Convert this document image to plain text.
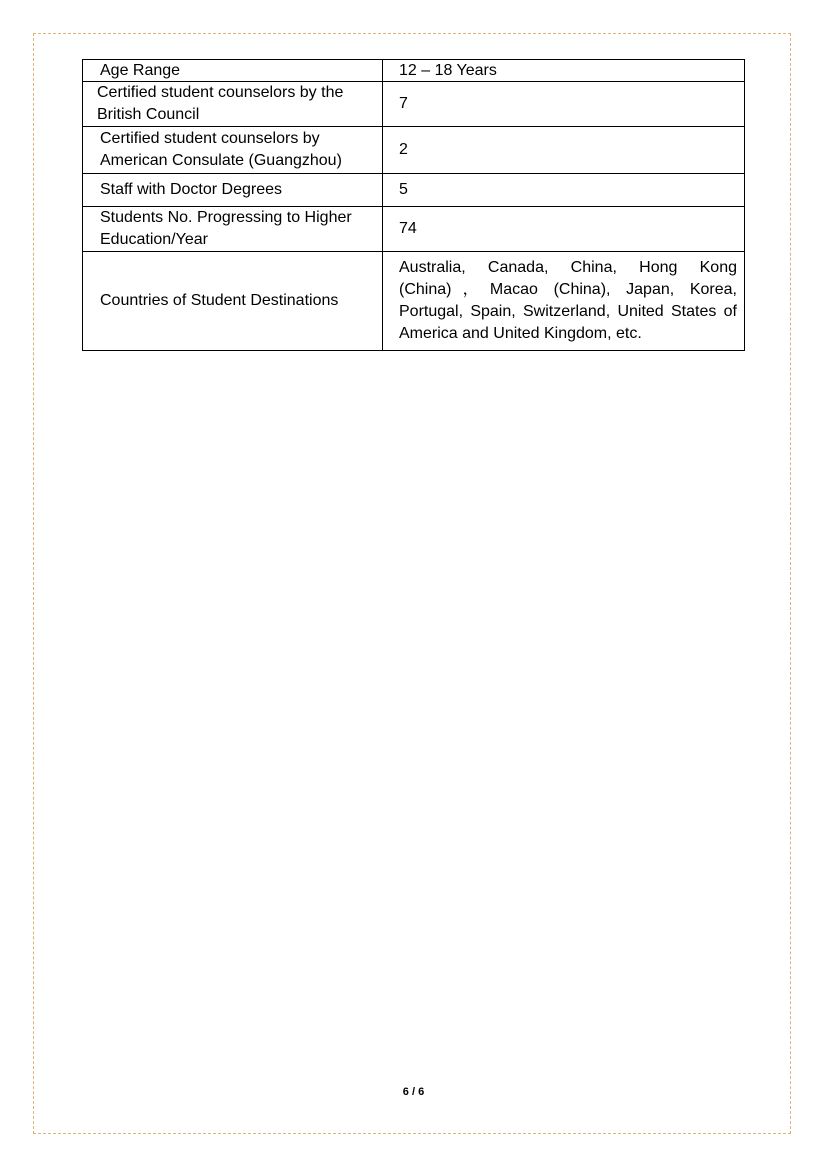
Age Range	12 – 18 Years
Certified student counselors by the British Council	7
Certified student counselors by American Consulate (Guangzhou)	2
Staff with Doctor Degrees	5
Students No. Progressing to Higher Education/Year	74
Countries of Student Destinations	Australia, Canada, China, Hong Kong (China)，Macao (China), Japan, Korea, Portugal, Spain, Switzerland, United States of America and United Kingdom, etc.
6 / 6
